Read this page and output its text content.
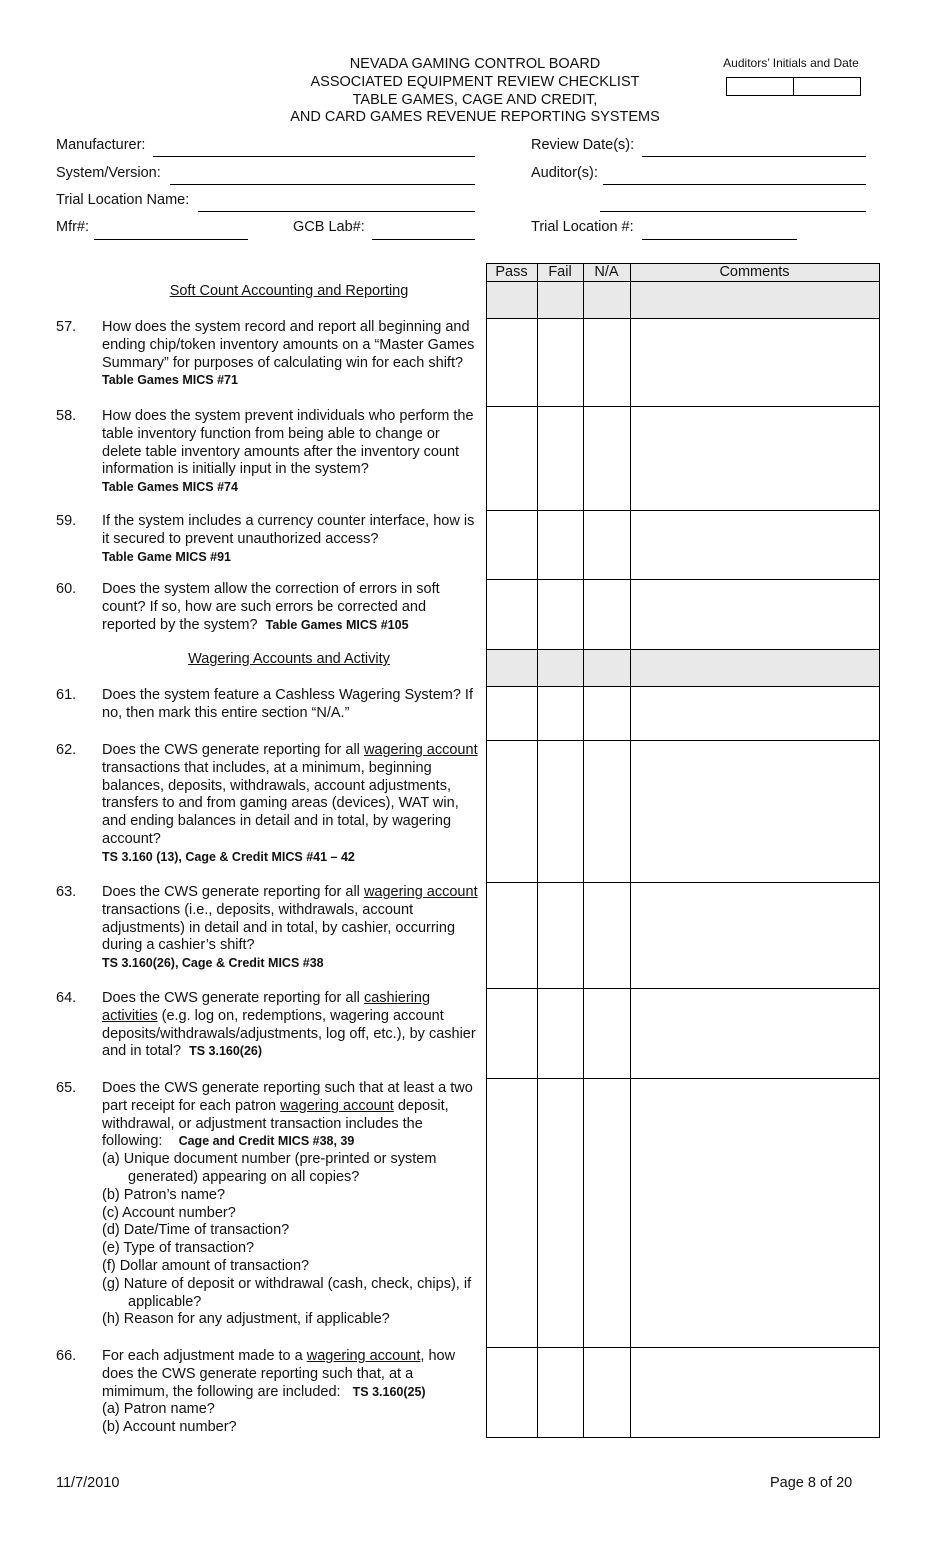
NEVADA GAMING CONTROL BOARD
ASSOCIATED EQUIPMENT REVIEW CHECKLIST
TABLE GAMES, CAGE AND CREDIT,
AND CARD GAMES REVENUE REPORTING SYSTEMS
Auditors’ Initials and Date
Manufacturer:	Review Date(s):
System/Version:	Auditor(s):
Trial Location Name:
Mfr#:	GCB Lab#:	Trial Location #:
Pass	Fail	N/A	Comments
Soft Count Accounting and Reporting
Wagering Accounts and Activity
57. How does the system record and report all beginning and ending chip/token inventory amounts on a “Master Games Summary” for purposes of calculating win for each shift?  Table Games MICS #71
58. How does the system prevent individuals who perform the table inventory function from being able to change or delete table inventory amounts after the inventory count information is initially input in the system?
Table Games MICS #74
59. If the system includes a currency counter interface, how is it secured to prevent unauthorized access?
Table Game MICS #91
60. Does the system allow the correction of errors in soft count? If so, how are such errors be corrected and reported by the system? Table Games MICS #105
61. Does the system feature a Cashless Wagering System? If no, then mark this entire section “N/A.”
62. Does the CWS generate reporting for all wagering account transactions that includes, at a minimum, beginning balances, deposits, withdrawals, account adjustments, transfers to and from gaming areas (devices), WAT win, and ending balances in detail and in total, by wagering account?
TS 3.160 (13), Cage & Credit MICS #41 – 42
63. Does the CWS generate reporting for all wagering account transactions (i.e., deposits, withdrawals, account adjustments) in detail and in total, by cashier, occurring during a cashier’s shift?
TS 3.160(26), Cage & Credit MICS #38
64. Does the CWS generate reporting for all cashiering activities (e.g. log on, redemptions, wagering account deposits/withdrawals/adjustments, log off, etc.), by cashier and in total? TS 3.160(26)
65. Does the CWS generate reporting such that at least a two part receipt for each patron wagering account deposit, withdrawal, or adjustment transaction includes the following: Cage and Credit MICS #38, 39
(a) Unique document number (pre-printed or system generated) appearing on all copies?
(b) Patron’s name?
(c) Account number?
(d) Date/Time of transaction?
(e) Type of transaction?
(f) Dollar amount of transaction?
(g) Nature of deposit or withdrawal (cash, check, chips), if applicable?
(h) Reason for any adjustment, if applicable?
66. For each adjustment made to a wagering account, how does the CWS generate reporting such that, at a mimimum, the following are included: TS 3.160(25)
(a) Patron name?
(b) Account number?
11/7/2010	Page 8 of 20
